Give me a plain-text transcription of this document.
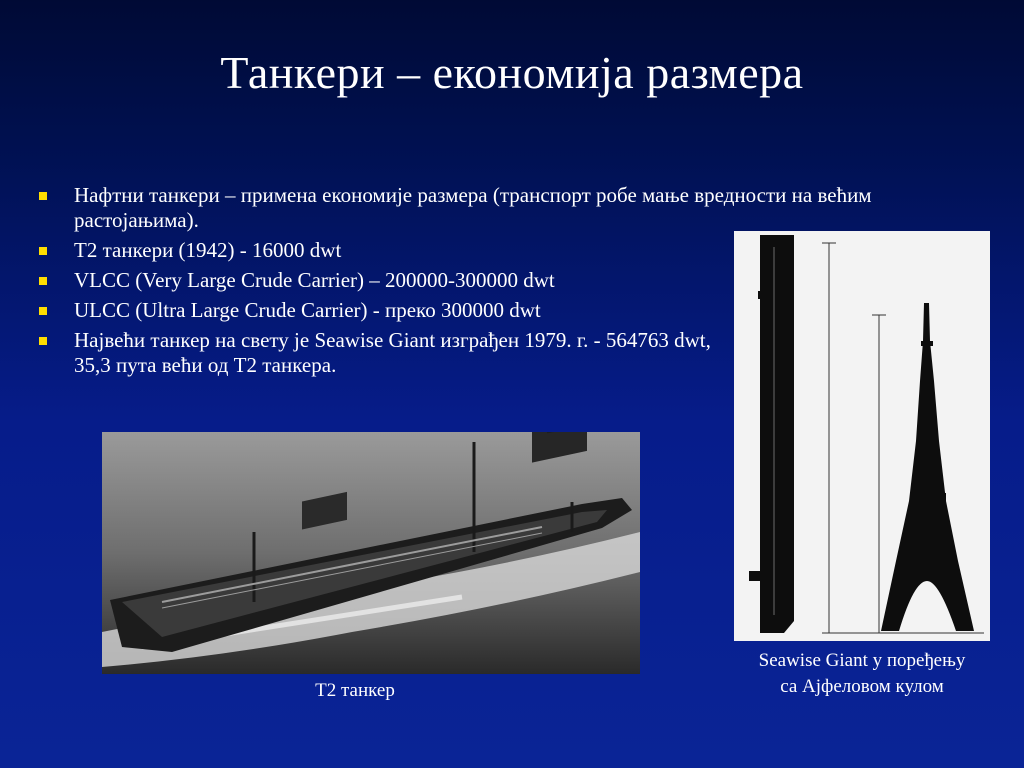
Танкери – економија размера
Нафтни танкери – примена економије размера (транспорт робе мање вредности на већим растојањима).
Т2 танкери (1942) - 16000 dwt
VLCC (Very Large Crude Carrier) – 200000-300000 dwt
ULCC (Ultra Large Crude Carrier) - преко 300000 dwt
Највећи танкер на свету је Seawise Giant изграђен 1979. г. - 564763 dwt, 35,3 пута већи од Т2 танкера.
Т2 танкер
Seawise Giant у поређењу
са Ајфеловом кулом
